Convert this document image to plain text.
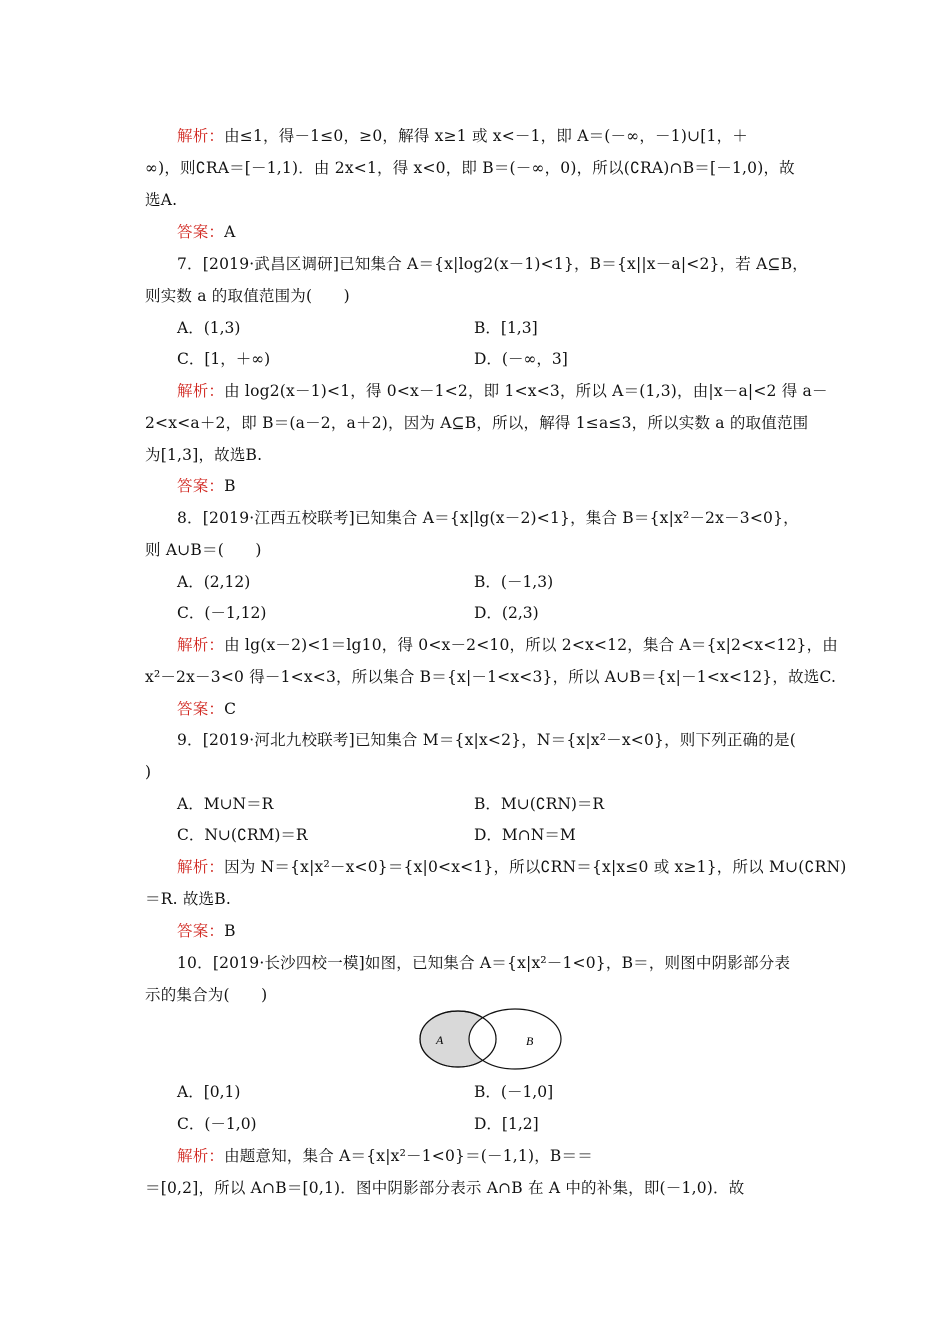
解析：由≤1，得－1≤0，≥0，解得 x≥1 或 x<－1，即 A＝(－∞，－1)∪[1，＋
∞)，则∁RA＝[－1,1)．由 2x<1，得 x<0，即 B＝(－∞，0)，所以(∁RA)∩B＝[－1,0)，故
选A.
答案：A
7．[2019·武昌区调研]已知集合 A＝{x|log2(x－1)<1}，B＝{x||x－a|<2}，若 A⊆B，
则实数 a 的取值范围为(　　)
A．(1,3)	B．[1,3]
C．[1，＋∞)	D．(－∞，3]
解析：由 log2(x－1)<1，得 0<x－1<2，即 1<x<3，所以 A＝(1,3)，由|x－a|<2 得 a－
2<x<a＋2，即 B＝(a－2，a＋2)，因为 A⊆B，所以，解得 1≤a≤3，所以实数 a 的取值范围
为[1,3]，故选B.
答案：B
8．[2019·江西五校联考]已知集合 A＝{x|lg(x－2)<1}，集合 B＝{x|x²－2x－3<0}，
则 A∪B＝(　　)
A．(2,12)	B．(－1,3)
C．(－1,12)	D．(2,3)
解析：由 lg(x－2)<1＝lg10，得 0<x－2<10，所以 2<x<12，集合 A＝{x|2<x<12}，由
x²－2x－3<0 得－1<x<3，所以集合 B＝{x|－1<x<3}，所以 A∪B＝{x|－1<x<12}，故选C.
答案：C
9．[2019·河北九校联考]已知集合 M＝{x|x<2}，N＝{x|x²－x<0}，则下列正确的是(
)
A．M∪N＝R	B．M∪(∁RN)＝R
C．N∪(∁RM)＝R	D．M∩N＝M
解析：因为 N＝{x|x²－x<0}＝{x|0<x<1}，所以∁RN＝{x|x≤0 或 x≥1}，所以 M∪(∁RN)
＝R. 故选B.
答案：B
10．[2019·长沙四校一模]如图，已知集合 A＝{x|x²－1<0}，B＝，则图中阴影部分表
示的集合为(　　)
A	B
A．[0,1)	B．(－1,0]
C．(－1,0)	D．[1,2]
解析：由题意知，集合 A＝{x|x²－1<0}＝(－1,1)，B＝＝
＝[0,2]，所以 A∩B＝[0,1)．图中阴影部分表示 A∩B 在 A 中的补集，即(－1,0)．故
